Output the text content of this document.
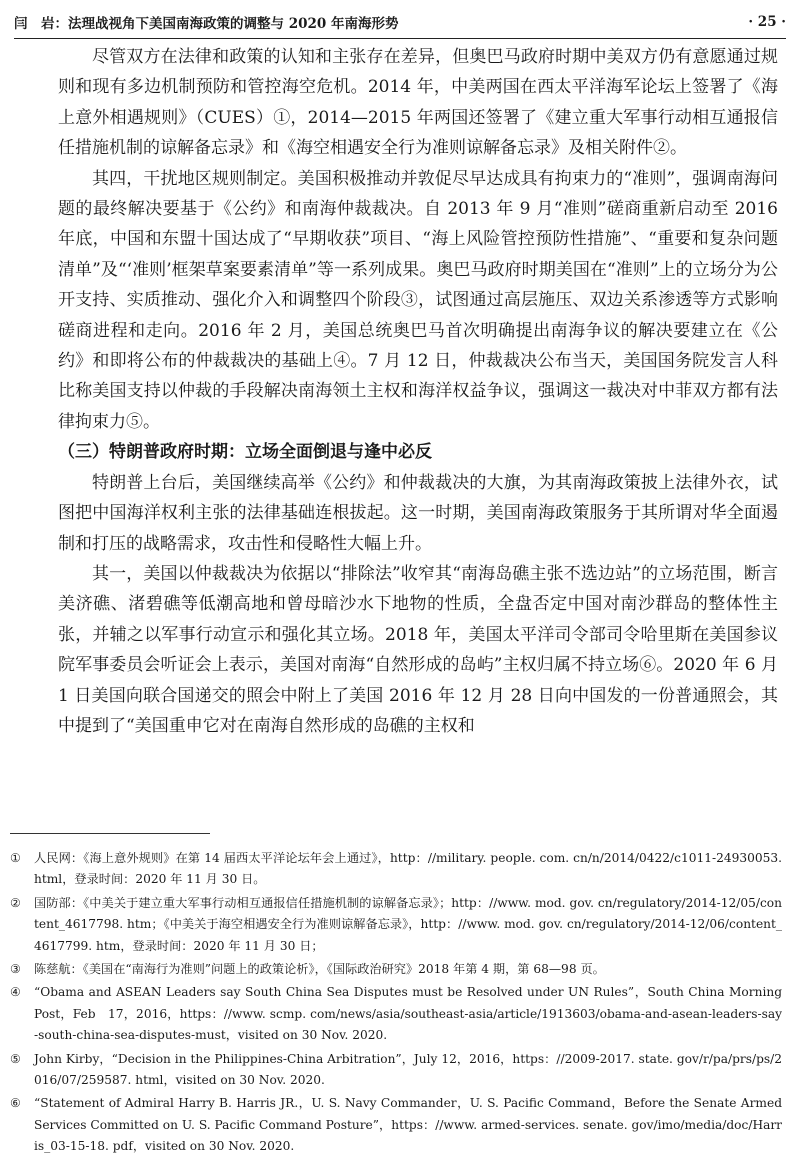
闫　岩：法理战视角下美国南海政策的调整与 2020 年南海形势	· 25 ·

尽管双方在法律和政策的认知和主张存在差异，但奥巴马政府时期中美双方仍有意愿通过规则和现有多边机制预防和管控海空危机。2014 年，中美两国在西太平洋海军论坛上签署了《海上意外相遇规则》（CUES）①，2014—2015 年两国还签署了《建立重大军事行动相互通报信任措施机制的谅解备忘录》和《海空相遇安全行为准则谅解备忘录》及相关附件②。

其四，干扰地区规则制定。美国积极推动并敦促尽早达成具有拘束力的“准则”，强调南海问题的最终解决要基于《公约》和南海仲裁裁决。自 2013 年 9 月“准则”磋商重新启动至 2016 年底，中国和东盟十国达成了“早期收获”项目、“海上风险管控预防性措施”、“重要和复杂问题清单”及“‘准则’框架草案要素清单”等一系列成果。奥巴马政府时期美国在“准则”上的立场分为公开支持、实质推动、强化介入和调整四个阶段③，试图通过高层施压、双边关系渗透等方式影响磋商进程和走向。2016 年 2 月，美国总统奥巴马首次明确提出南海争议的解决要建立在《公约》和即将公布的仲裁裁决的基础上④。7 月 12 日，仲裁裁决公布当天，美国国务院发言人科比称美国支持以仲裁的手段解决南海领土主权和海洋权益争议，强调这一裁决对中菲双方都有法律拘束力⑤。

（三）特朗普政府时期：立场全面倒退与逢中必反

特朗普上台后，美国继续高举《公约》和仲裁裁决的大旗，为其南海政策披上法律外衣，试图把中国海洋权利主张的法律基础连根拔起。这一时期，美国南海政策服务于其所谓对华全面遏制和打压的战略需求，攻击性和侵略性大幅上升。

其一，美国以仲裁裁决为依据以“排除法”收窄其“南海岛礁主张不选边站”的立场范围，断言美济礁、渚碧礁等低潮高地和曾母暗沙水下地物的性质，全盘否定中国对南沙群岛的整体性主张，并辅之以军事行动宣示和强化其立场。2018 年，美国太平洋司令部司令哈里斯在美国参议院军事委员会听证会上表示，美国对南海“自然形成的岛屿”主权归属不持立场⑥。2020 年 6 月 1 日美国向联合国递交的照会中附上了美国 2016 年 12 月 28 日向中国发的一份普通照会，其中提到了“美国重申它对在南海自然形成的岛礁的主权和

①	人民网：《海上意外规则》在第 14 届西太平洋论坛年会上通过》，http：//military. people. com. cn/n/2014/0422/c1011-24930053. html，登录时间：2020 年 11 月 30 日。
②	国防部：《中美关于建立重大军事行动相互通报信任措施机制的谅解备忘录》；http：//www. mod. gov. cn/regulatory/2014-12/05/content_4617798. htm；《中美关于海空相遇安全行为准则谅解备忘录》，http：//www. mod. gov. cn/regulatory/2014-12/06/content_4617799. htm，登录时间：2020 年 11 月 30 日；
③	陈慈航：《美国在“南海行为准则”问题上的政策论析》，《国际政治研究》2018 年第 4 期，第 68—98 页。
④	“Obama and ASEAN Leaders say South China Sea Disputes must be Resolved under UN Rules”，South China Morning Post，Feb　17，2016，https：//www. scmp. com/news/asia/southeast-asia/article/1913603/obama-and-asean-leaders-say-south-china-sea-disputes-must，visited on 30 Nov. 2020.
⑤	John Kirby，“Decision in the Philippines-China Arbitration”，July 12，2016，https：//2009-2017. state. gov/r/pa/prs/ps/2016/07/259587. html，visited on 30 Nov. 2020.
⑥	“Statement of Admiral Harry B. Harris JR.，U. S. Navy Commander，U. S. Pacific Command，Before the Senate Armed Services Committed on U. S. Pacific Command Posture”，https：//www. armed-services. senate. gov/imo/media/doc/Harris_03-15-18. pdf，visited on 30 Nov. 2020.
